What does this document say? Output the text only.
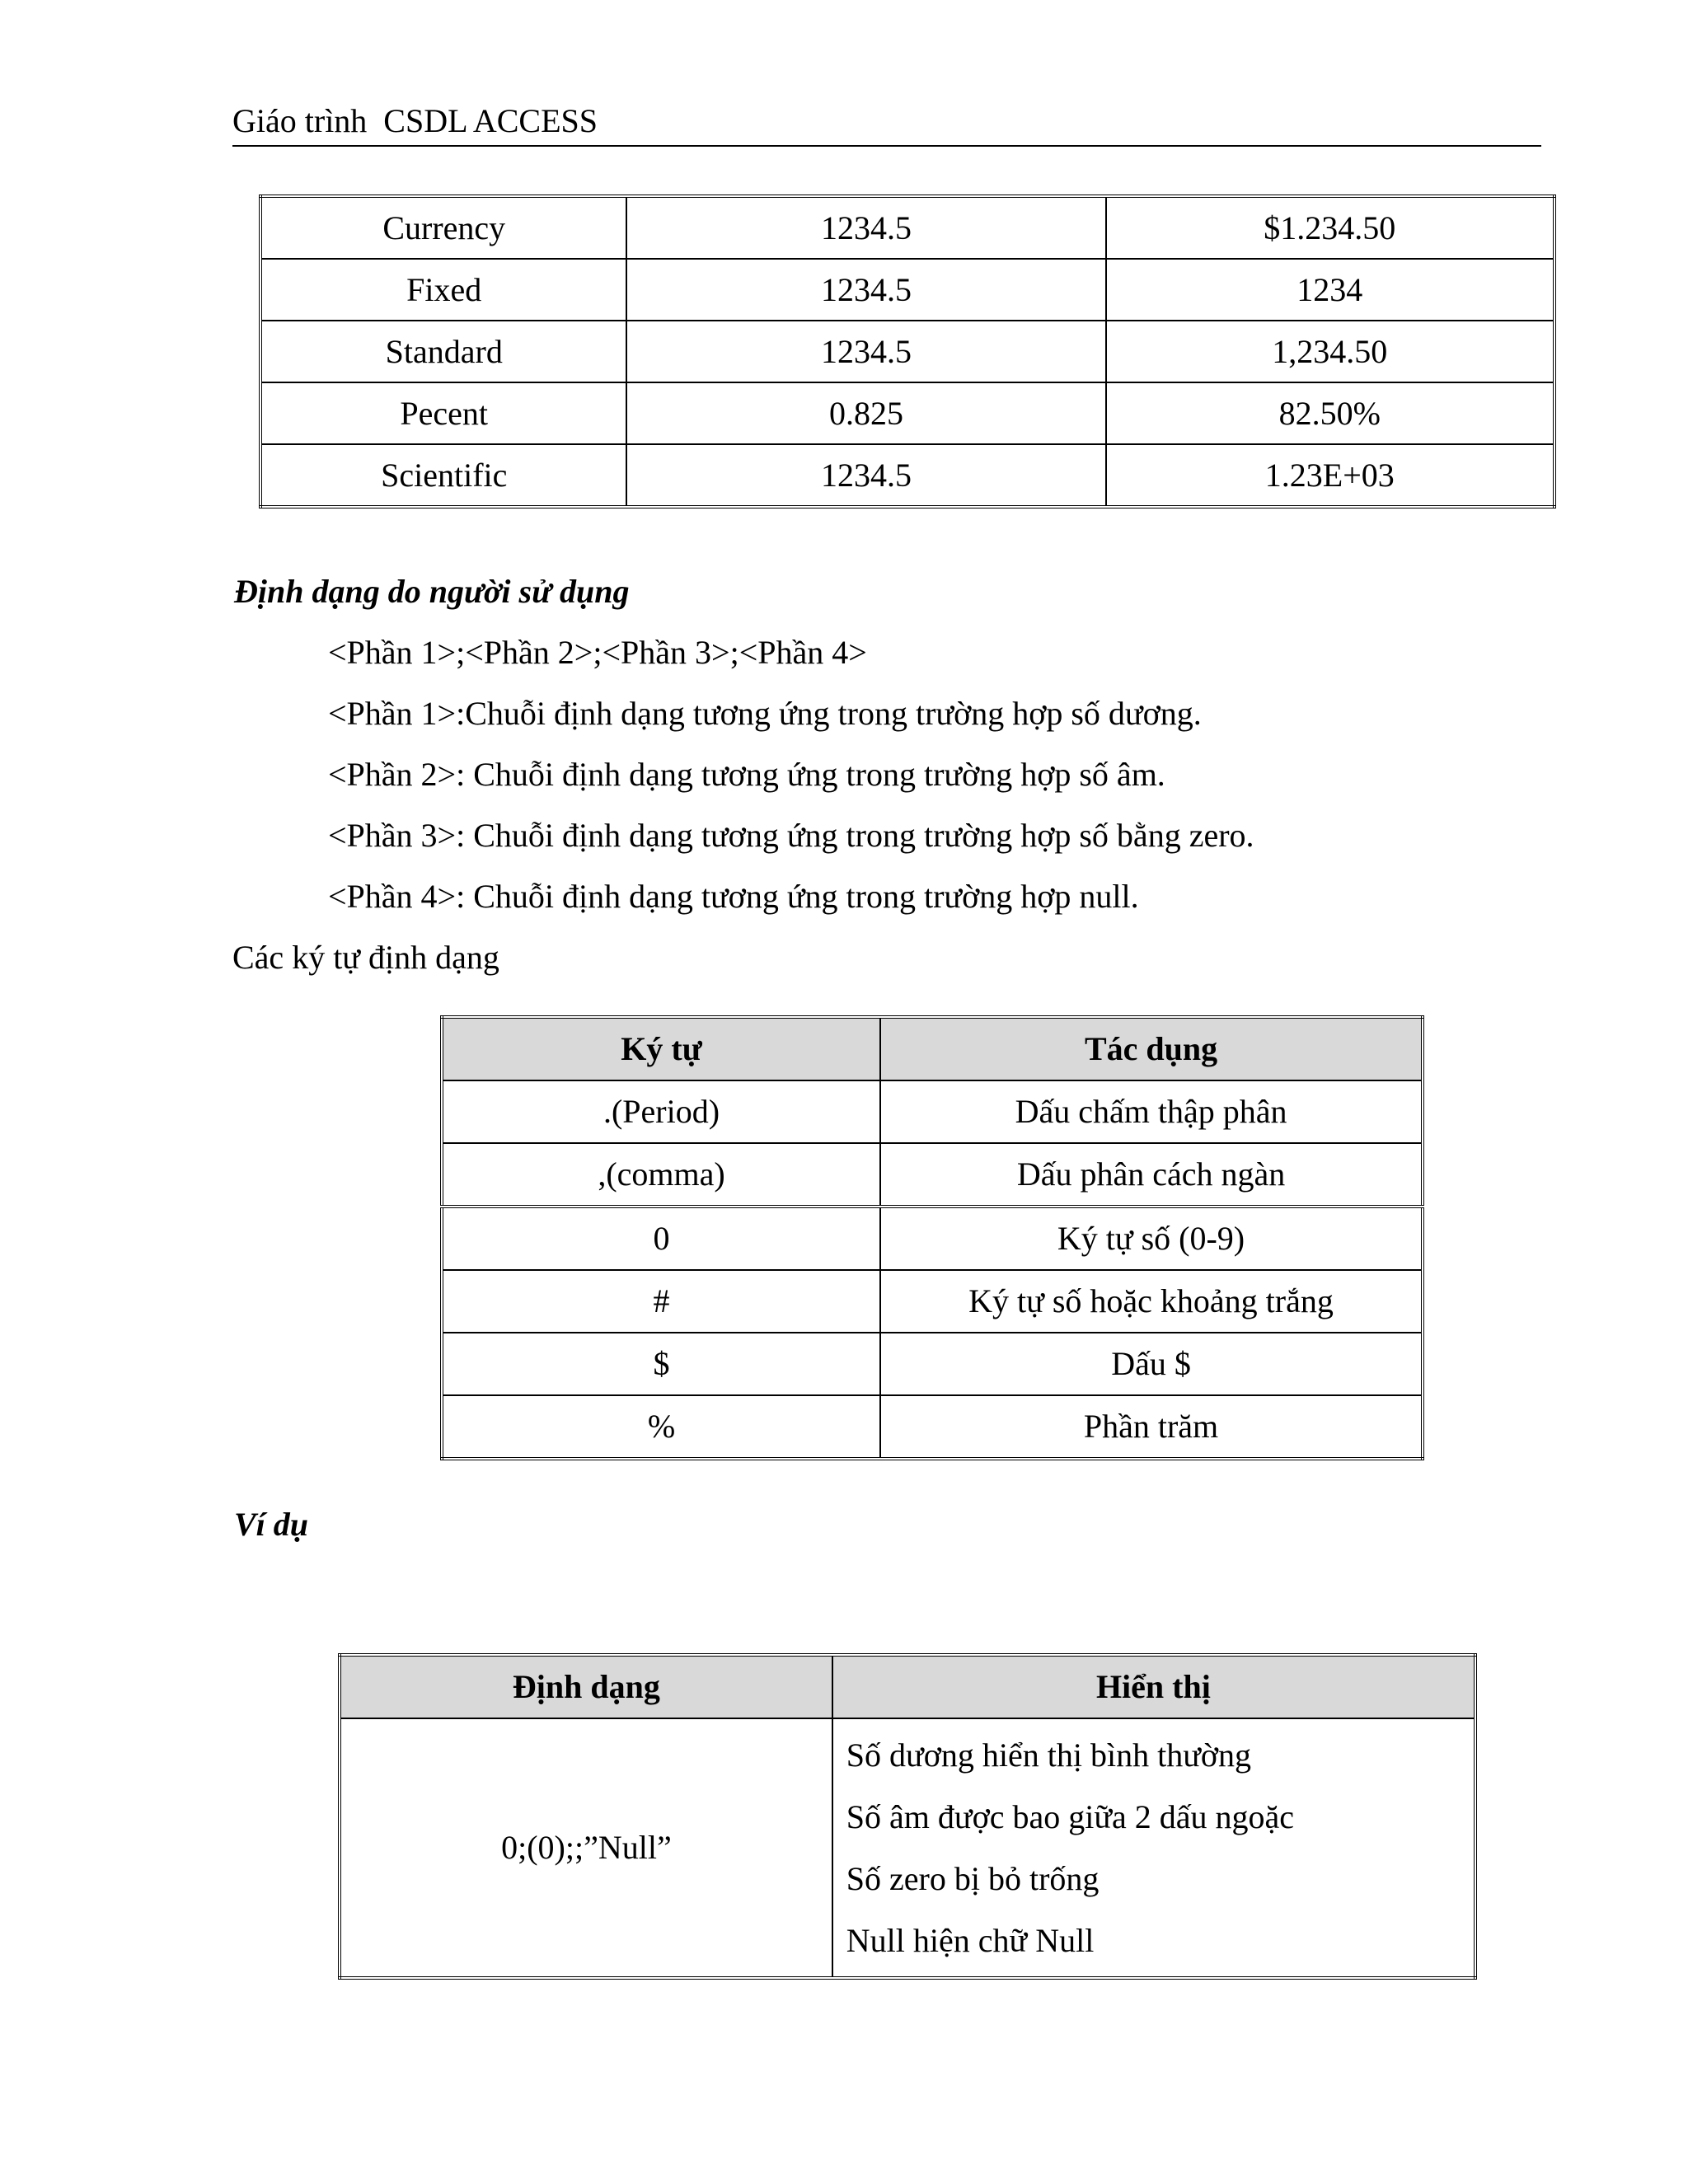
Giáo trình  CSDL ACCESS
Currency	1234.5	$1.234.50
Fixed	1234.5	1234
Standard	1234.5	1,234.50
Pecent	0.825	82.50%
Scientific	1234.5	1.23E+03
Định dạng do người sử dụng
<Phần 1>;<Phần 2>;<Phần 3>;<Phần 4>
<Phần 1>:Chuỗi định dạng tương ứng trong trường hợp số dương.
<Phần 2>: Chuỗi định dạng tương ứng trong trường hợp số âm.
<Phần 3>: Chuỗi định dạng tương ứng trong trường hợp số bằng zero.
<Phần 4>: Chuỗi định dạng tương ứng trong trường hợp null.
Các ký tự định dạng
Ký tự	Tác dụng
.(Period)	Dấu chấm thập phân
,(comma)	Dấu phân cách ngàn
0	Ký tự số (0-9)
#	Ký tự số hoặc khoảng trắng
$	Dấu $
%	Phần trăm
Ví dụ
Định dạng	Hiển thị
0;(0);;”Null”	Số dương hiển thị bình thường
Số âm được bao giữa 2 dấu ngoặc
Số zero bị bỏ trống
Null hiện chữ Null
